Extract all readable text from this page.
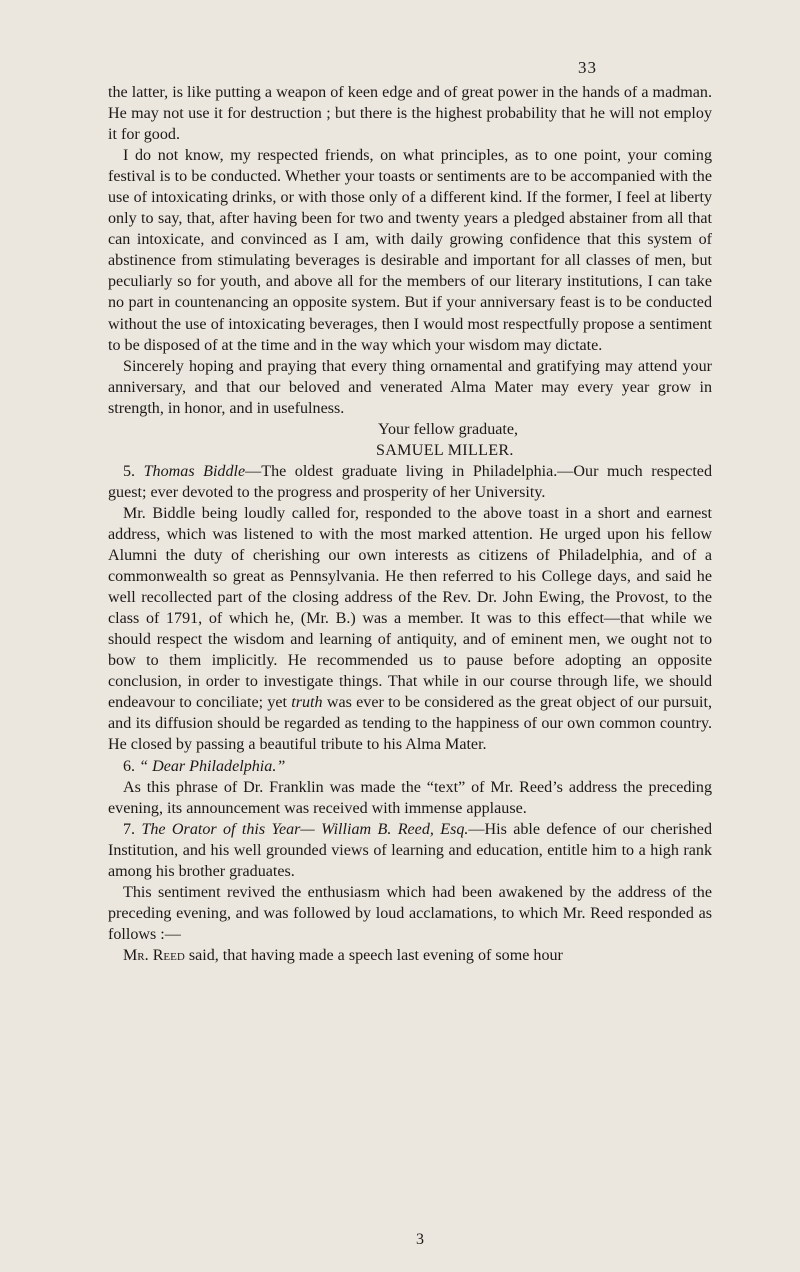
33

the latter, is like putting a weapon of keen edge and of great power in the hands of a madman. He may not use it for destruction ; but there is the highest probability that he will not employ it for good.

I do not know, my respected friends, on what principles, as to one point, your coming festival is to be conducted. Whether your toasts or sentiments are to be accompanied with the use of intoxicating drinks, or with those only of a different kind. If the former, I feel at liberty only to say, that, after having been for two and twenty years a pledged abstainer from all that can intoxicate, and convinced as I am, with daily growing confidence that this system of abstinence from stimulating beverages is desirable and important for all classes of men, but peculiarly so for youth, and above all for the members of our literary institutions, I can take no part in countenancing an opposite system. But if your anniversary feast is to be conducted without the use of intoxicating beverages, then I would most respectfully propose a sentiment to be disposed of at the time and in the way which your wisdom may dictate.

Sincerely hoping and praying that every thing ornamental and gratifying may attend your anniversary, and that our beloved and venerated Alma Mater may every year grow in strength, in honor, and in usefulness.

Your fellow graduate,

SAMUEL MILLER.

5. Thomas Biddle—The oldest graduate living in Philadelphia.—Our much respected guest; ever devoted to the progress and prosperity of her University.

Mr. Biddle being loudly called for, responded to the above toast in a short and earnest address, which was listened to with the most marked attention. He urged upon his fellow Alumni the duty of cherishing our own interests as citizens of Philadelphia, and of a commonwealth so great as Pennsylvania. He then referred to his College days, and said he well recollected part of the closing address of the Rev. Dr. John Ewing, the Provost, to the class of 1791, of which he, (Mr. B.) was a member. It was to this effect—that while we should respect the wisdom and learning of antiquity, and of eminent men, we ought not to bow to them implicitly. He recommended us to pause before adopting an opposite conclusion, in order to investigate things. That while in our course through life, we should endeavour to conciliate; yet truth was ever to be considered as the great object of our pursuit, and its diffusion should be regarded as tending to the happiness of our own common country. He closed by passing a beautiful tribute to his Alma Mater.

6. “ Dear Philadelphia.”

As this phrase of Dr. Franklin was made the “text” of Mr. Reed’s address the preceding evening, its announcement was received with immense applause.

7. The Orator of this Year— William B. Reed, Esq.—His able defence of our cherished Institution, and his well grounded views of learning and education, entitle him to a high rank among his brother graduates.

This sentiment revived the enthusiasm which had been awakened by the address of the preceding evening, and was followed by loud acclamations, to which Mr. Reed responded as follows :—

Mr. Reed said, that having made a speech last evening of some hour

3
